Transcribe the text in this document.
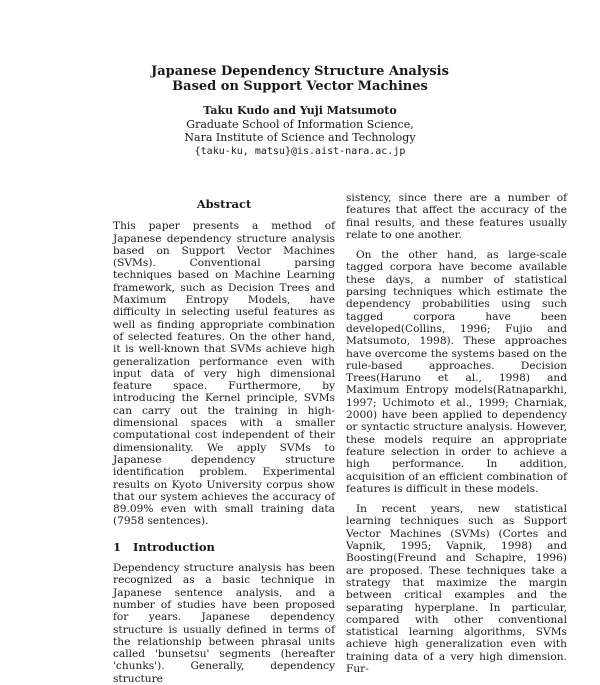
Japanese Dependency Structure Analysis
Based on Support Vector Machines
Taku Kudo and Yuji Matsumoto
Graduate School of Information Science,
Nara Institute of Science and Technology
{taku-ku, matsu}@is.aist-nara.ac.jp
Abstract

This paper presents a method of Japanese dependency structure analysis based on Support Vector Machines (SVMs). Conventional parsing techniques based on Machine Learning framework, such as Decision Trees and Maximum Entropy Models, have difficulty in selecting useful features as well as finding appropriate combination of selected features. On the other hand, it is well-known that SVMs achieve high generalization performance even with input data of very high dimensional feature space. Furthermore, by introducing the Kernel principle, SVMs can carry out the training in high-dimensional spaces with a smaller computational cost independent of their dimensionality. We apply SVMs to Japanese dependency structure identification problem. Experimental results on Kyoto University corpus show that our system achieves the accuracy of 89.09% even with small training data (7958 sentences).

1 Introduction

Dependency structure analysis has been recognized as a basic technique in Japanese sentence analysis, and a number of studies have been proposed for years. Japanese dependency structure is usually defined in terms of the relationship between phrasal units called 'bunsetsu' segments (hereafter 'chunks'). Generally, dependency structure

sistency, since there are a number of features that affect the accuracy of the final results, and these features usually relate to one another.

On the other hand, as large-scale tagged corpora have become available these days, a number of statistical parsing techniques which estimate the dependency probabilities using such tagged corpora have been developed(Collins, 1996; Fujio and Matsumoto, 1998). These approaches have overcome the systems based on the rule-based approaches. Decision Trees(Haruno et al., 1998) and Maximum Entropy models(Ratnaparkhi, 1997; Uchimoto et al., 1999; Charniak, 2000) have been applied to dependency or syntactic structure analysis. However, these models require an appropriate feature selection in order to achieve a high performance. In addition, acquisition of an efficient combination of features is difficult in these models.

In recent years, new statistical learning techniques such as Support Vector Machines (SVMs) (Cortes and Vapnik, 1995; Vapnik, 1998) and Boosting(Freund and Schapire, 1996) are proposed. These techniques take a strategy that maximize the margin between critical examples and the separating hyperplane. In particular, compared with other conventional statistical learning algorithms, SVMs achieve high generalization even with training data of a very high dimension. Fur-
